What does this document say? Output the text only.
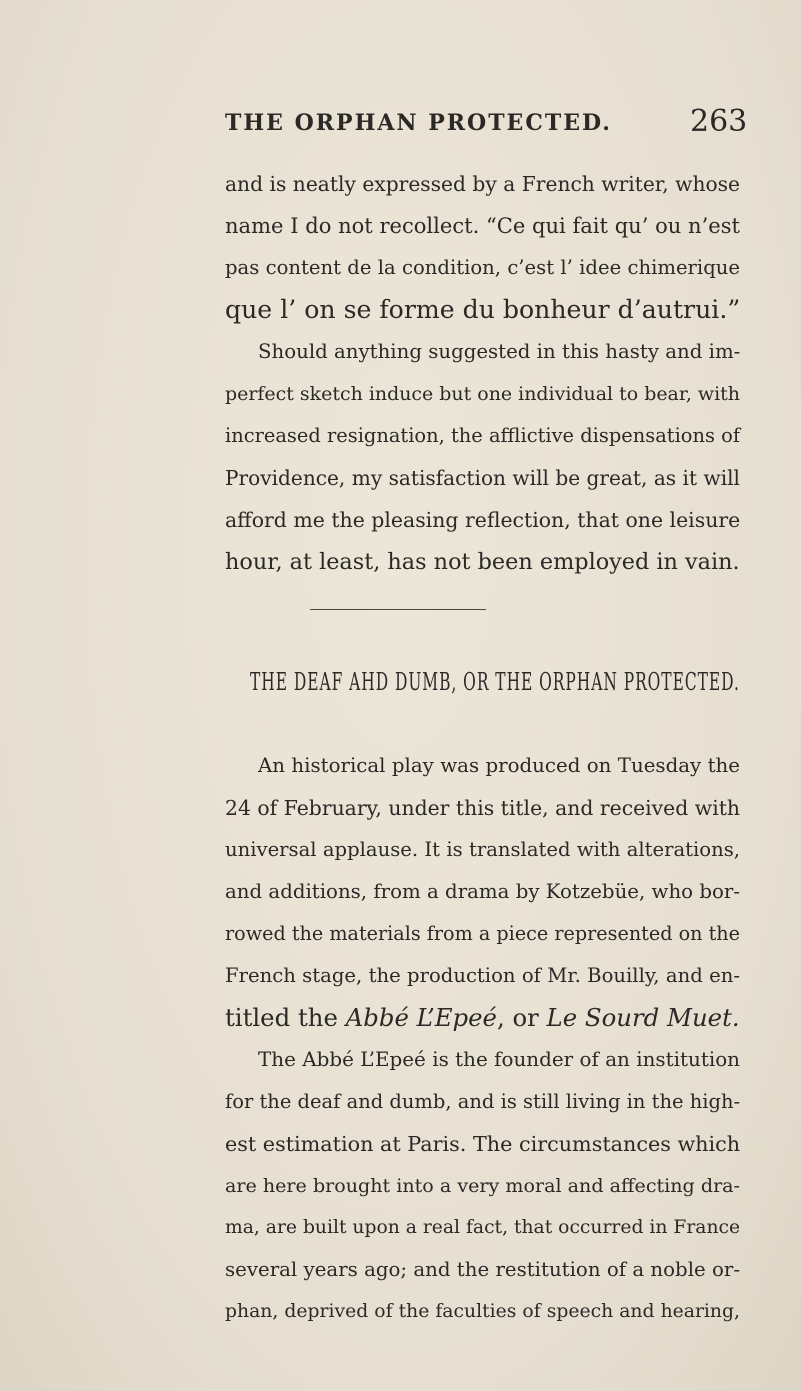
THE ORPHAN PROTECTED.	263
and is neatly expressed by a French writer, whose
name I do not recollect. “Ce qui fait qu’ ou n’est
pas content de la condition, c’est l’ idee chimerique
que l’ on se forme du bonheur d’autrui.”
Should anything suggested in this hasty and im-
perfect sketch induce but one individual to bear, with
increased resignation, the afflictive dispensations of
Providence, my satisfaction will be great, as it will
afford me the pleasing reflection, that one leisure
hour, at least, has not been employed in vain.
THE DEAF AHD DUMB, OR THE ORPHAN PROTECTED.
An historical play was produced on Tuesday the
24 of February, under this title, and received with
universal applause. It is translated with alterations,
and additions, from a drama by Kotzebüe, who bor-
rowed the materials from a piece represented on the
French stage, the production of Mr. Bouilly, and en-
titled the Abbé L’Epeé, or Le Sourd Muet.
The Abbé L’Epeé is the founder of an institution
for the deaf and dumb, and is still living in the high-
est estimation at Paris. The circumstances which
are here brought into a very moral and affecting dra-
ma, are built upon a real fact, that occurred in France
several years ago; and the restitution of a noble or-
phan, deprived of the faculties of speech and hearing,
